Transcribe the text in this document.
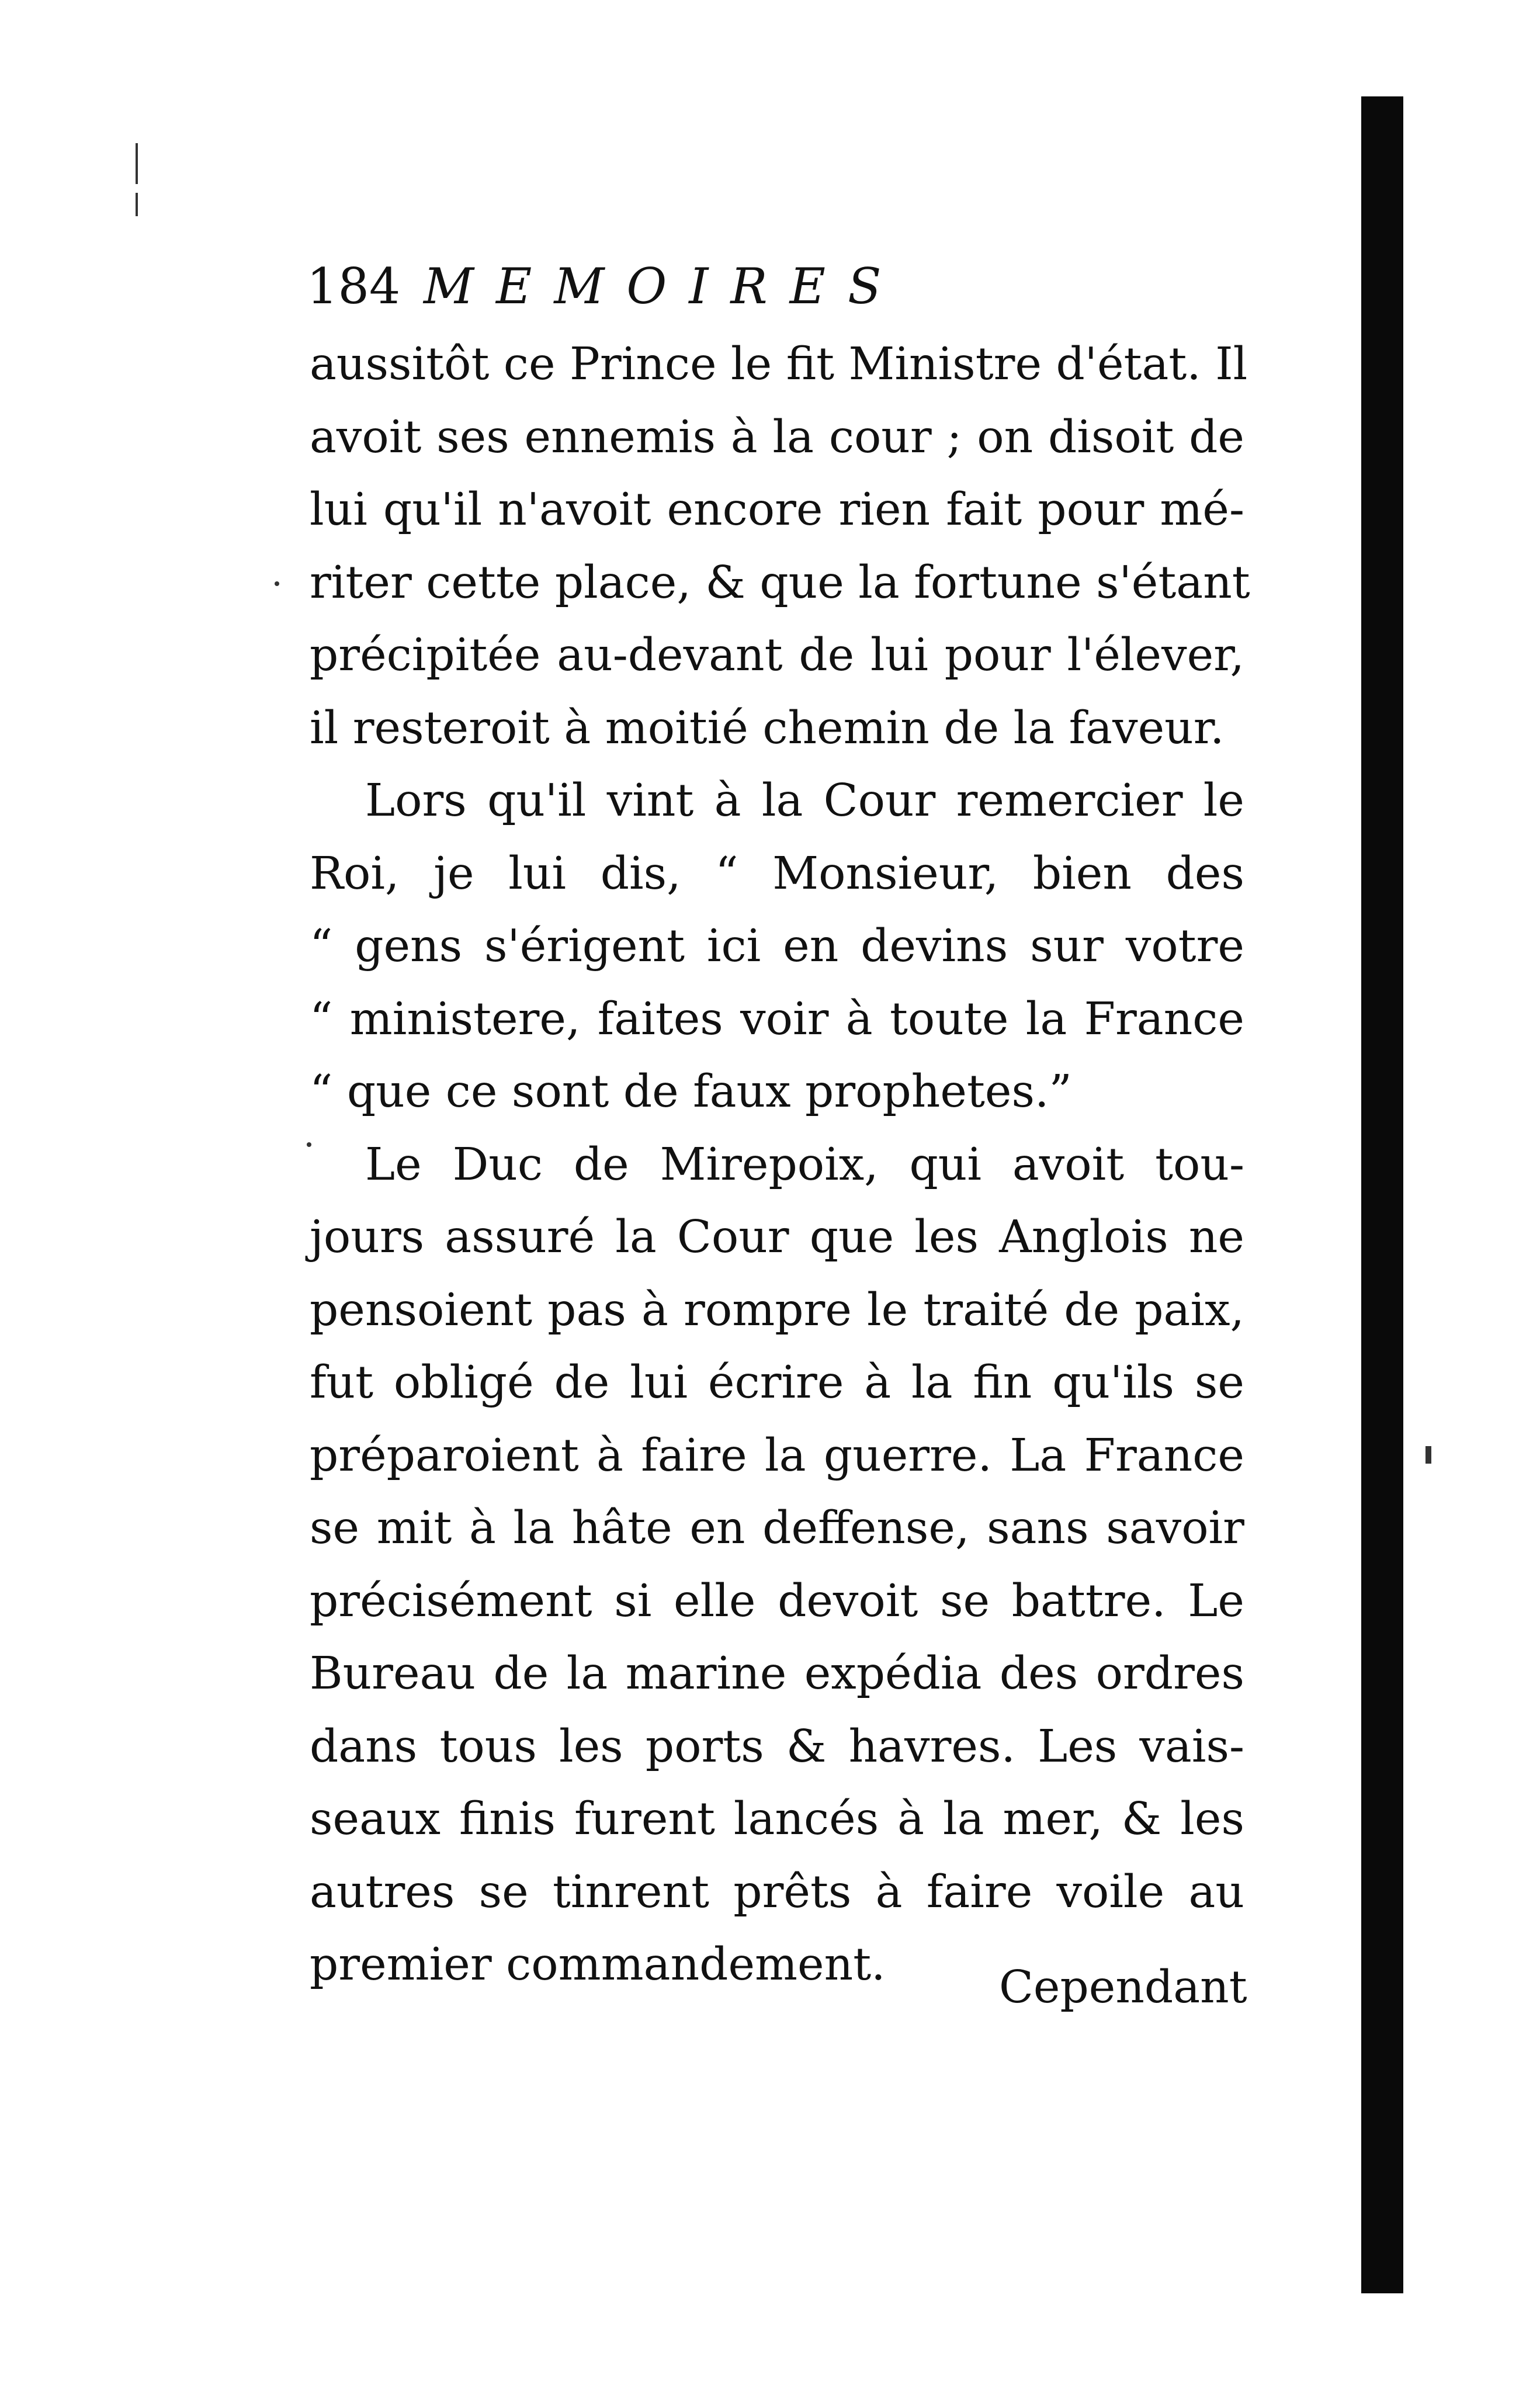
184 MEMOIRES
aussitôt ce Prince le fit Ministre d'état. Il
avoit ses ennemis à la cour ; on disoit de
lui qu'il n'avoit encore rien fait pour mé-
riter cette place, & que la fortune s'étant
précipitée au-devant de lui pour l'élever,
il resteroit à moitié chemin de la faveur.
Lors qu'il vint à la Cour remercier le
Roi, je lui dis, “ Monsieur, bien des
“ gens s'érigent ici en devins sur votre
“ ministere, faites voir à toute la France
“ que ce sont de faux prophetes.”
Le Duc de Mirepoix, qui avoit tou-
jours assuré la Cour que les Anglois ne
pensoient pas à rompre le traité de paix,
fut obligé de lui écrire à la fin qu'ils se
préparoient à faire la guerre. La France
se mit à la hâte en deffense, sans savoir
précisément si elle devoit se battre. Le
Bureau de la marine expédia des ordres
dans tous les ports & havres. Les vais-
seaux finis furent lancés à la mer, & les
autres se tinrent prêts à faire voile au
premier commandement.	Cependant
